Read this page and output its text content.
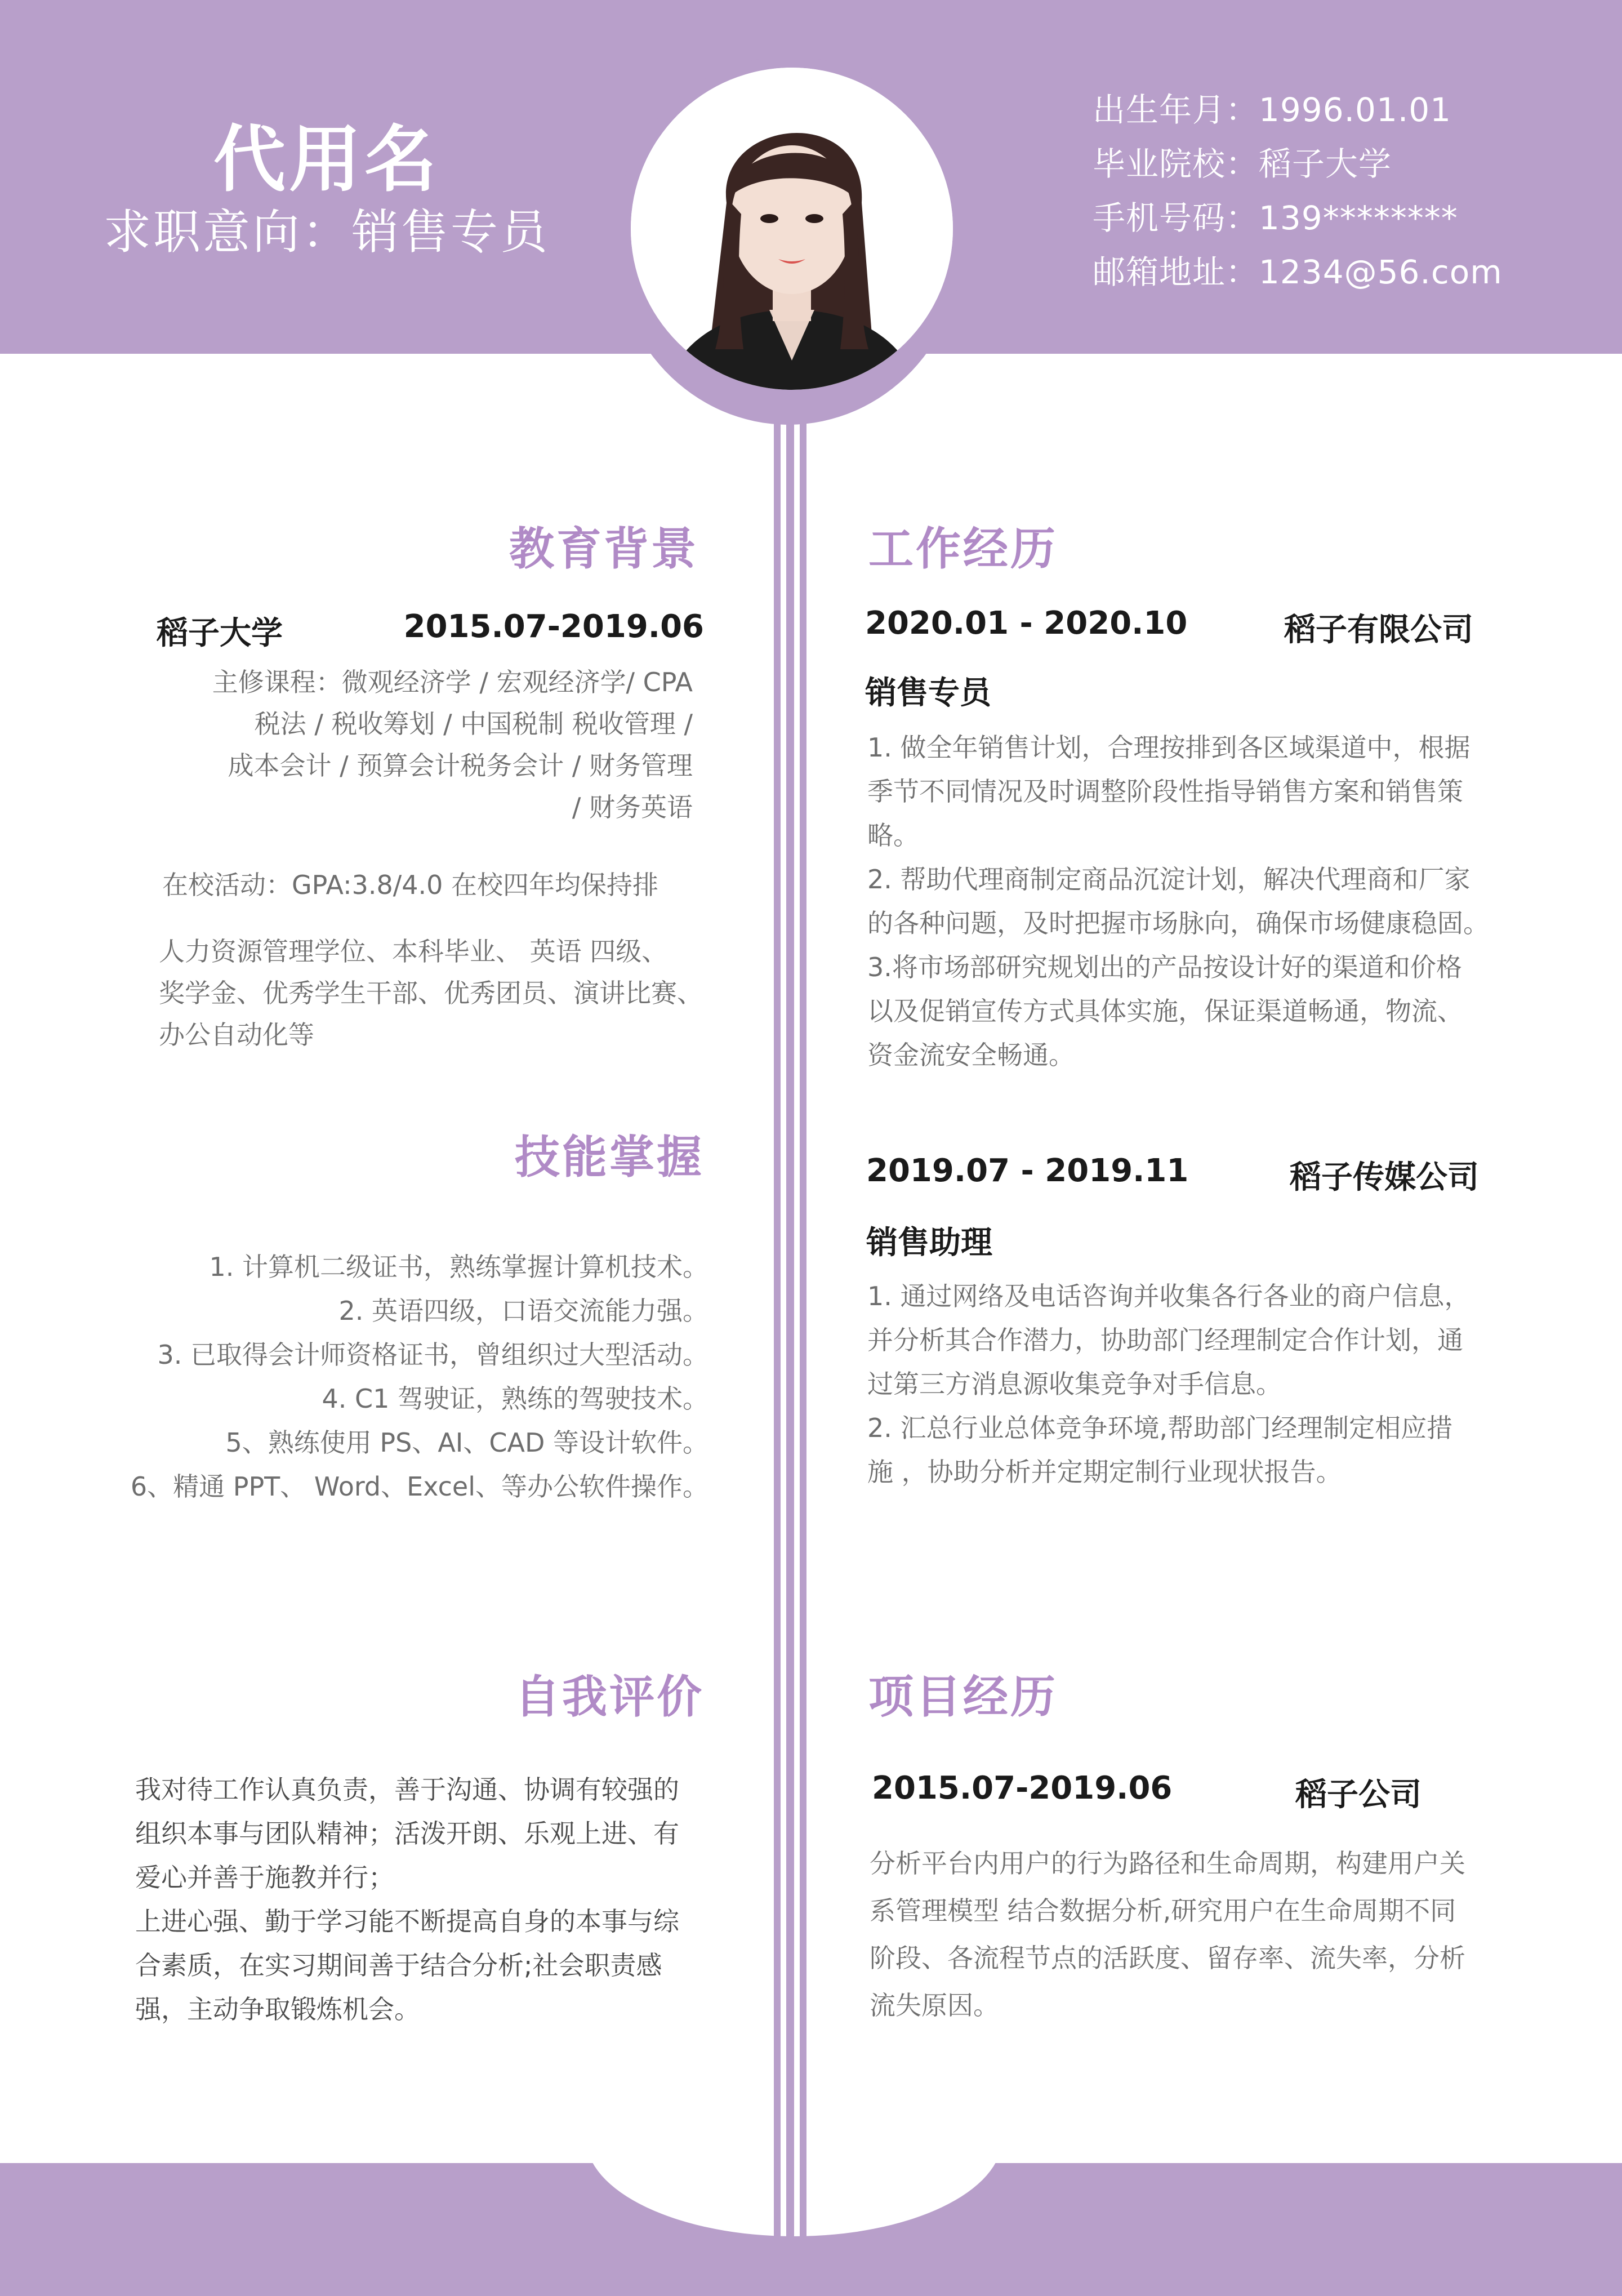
代用名
求职意向：销售专员
出生年月：1996.01.01
毕业院校：稻子大学
手机号码：139********
邮箱地址：1234@56.com
教育背景
稻子大学	2015.07-2019.06
主修课程：微观经济学 / 宏观经济学/ CPA
税法 / 税收筹划 / 中国税制 税收管理 /
成本会计 / 预算会计税务会计 / 财务管理
/ 财务英语
在校活动：GPA:3.8/4.0 在校四年均保持排
人力资源管理学位、本科毕业、 英语 四级、
奖学金、优秀学生干部、优秀团员、演讲比赛、
办公自动化等
技能掌握
1. 计算机二级证书，熟练掌握计算机技术。
2. 英语四级，口语交流能力强。
3. 已取得会计师资格证书，曾组织过大型活动。
4. C1 驾驶证，熟练的驾驶技术。
5、熟练使用 PS、AI、CAD 等设计软件。
6、精通 PPT、 Word、Excel、等办公软件操作。
自我评价
我对待工作认真负责，善于沟通、协调有较强的
组织本事与团队精神；活泼开朗、乐观上进、有
爱心并善于施教并行；
上进心强、勤于学习能不断提高自身的本事与综
合素质，在实习期间善于结合分析;社会职责感
强，主动争取锻炼机会。
工作经历
2020.01 - 2020.10	稻子有限公司
销售专员
1. 做全年销售计划，合理按排到各区域渠道中，根据
季节不同情况及时调整阶段性指导销售方案和销售策
略。
2. 帮助代理商制定商品沉淀计划，解决代理商和厂家
的各种问题，及时把握市场脉向，确保市场健康稳固。
3.将市场部研究规划出的产品按设计好的渠道和价格
以及促销宣传方式具体实施，保证渠道畅通，物流、
资金流安全畅通。
2019.07 - 2019.11	稻子传媒公司
销售助理
1. 通过网络及电话咨询并收集各行各业的商户信息，
并分析其合作潜力，协助部门经理制定合作计划，通
过第三方消息源收集竞争对手信息。
2. 汇总行业总体竞争环境,帮助部门经理制定相应措
施 ，协助分析并定期定制行业现状报告。
项目经历
2015.07-2019.06	稻子公司
分析平台内用户的行为路径和生命周期，构建用户关
系管理模型 结合数据分析,研究用户在生命周期不同
阶段、各流程节点的活跃度、留存率、流失率，分析
流失原因。
